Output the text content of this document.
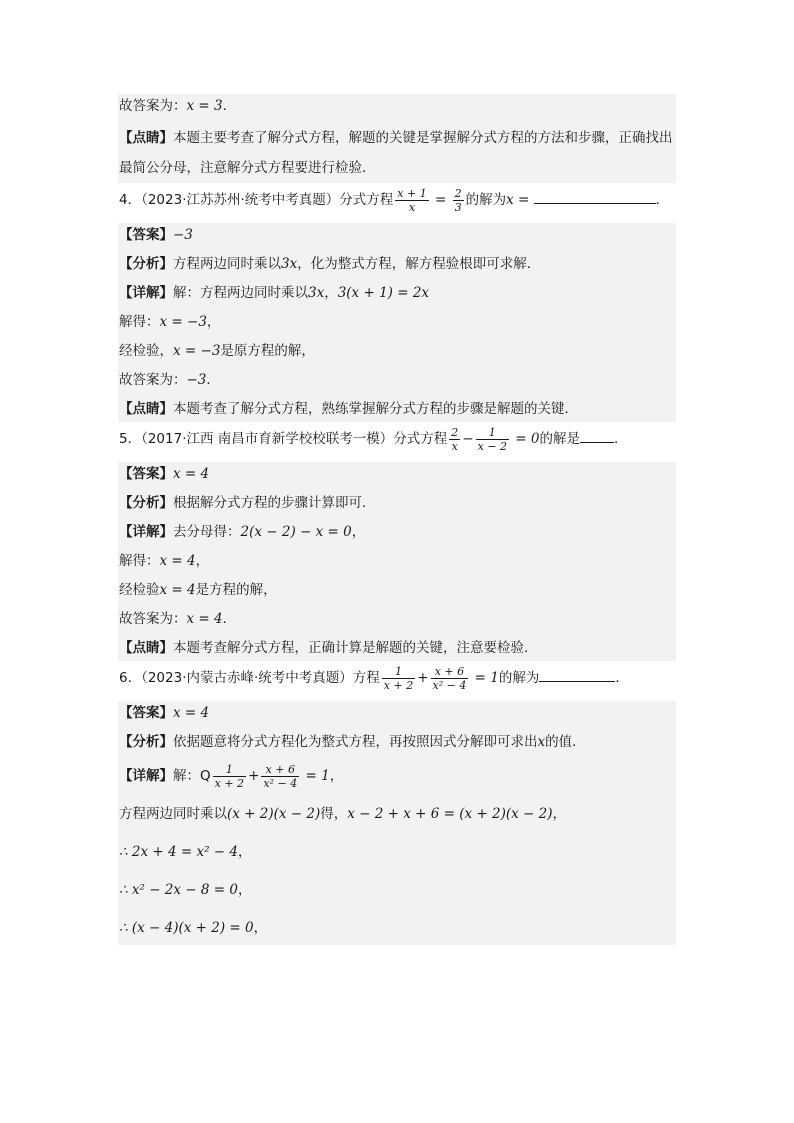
故答案为：x = 3．
【点睛】本题主要考查了解分式方程，解题的关键是掌握解分式方程的方法和步骤，正确找出最简公分母，注意解分式方程要进行检验．
4．（2023·江苏苏州·统考中考真题）分式方程 $\frac{x + 1}{x} = \frac{2}{3}$ 的解为x =	．
【答案】−3
【分析】方程两边同时乘以3x，化为整式方程，解方程验根即可求解．
【详解】解：方程两边同时乘以3x，3(x + 1) = 2x
解得：x = −3，
经检验，x = −3是原方程的解，
故答案为：−3．
【点睛】本题考查了解分式方程，熟练掌握解分式方程的步骤是解题的关键．
5．（2017·江西 南昌市育新学校校联考一模）分式方程 $\frac{2}{x} - \frac{1}{x - 2} = 0$的解是	．
【答案】x = 4
【分析】根据解分式方程的步骤计算即可．
【详解】去分母得：2(x − 2) − x = 0，
解得：x = 4，
经检验x = 4是方程的解，
故答案为：x = 4．
【点睛】本题考查解分式方程，正确计算是解题的关键，注意要检验．
6．（2023·内蒙古赤峰·统考中考真题）方程 $\frac{1}{x + 2} + \frac{x + 6}{\text{x² − 4}} = 1$的解为	．
【答案】x = 4
【分析】依据题意将分式方程化为整式方程，再按照因式分解即可求出x的值．
【详解】解：Q $\frac{1}{x + 2} + \frac{x + 6}{\text{x² − 4}} = 1$，
方程两边同时乘以(x + 2)(x − 2)得，x − 2 + x + 6 = (x + 2)(x − 2)，
∴ 2x + 4 = x² − 4，
∴ x² − 2x − 8 = 0，
∴ (x − 4)(x + 2) = 0，
